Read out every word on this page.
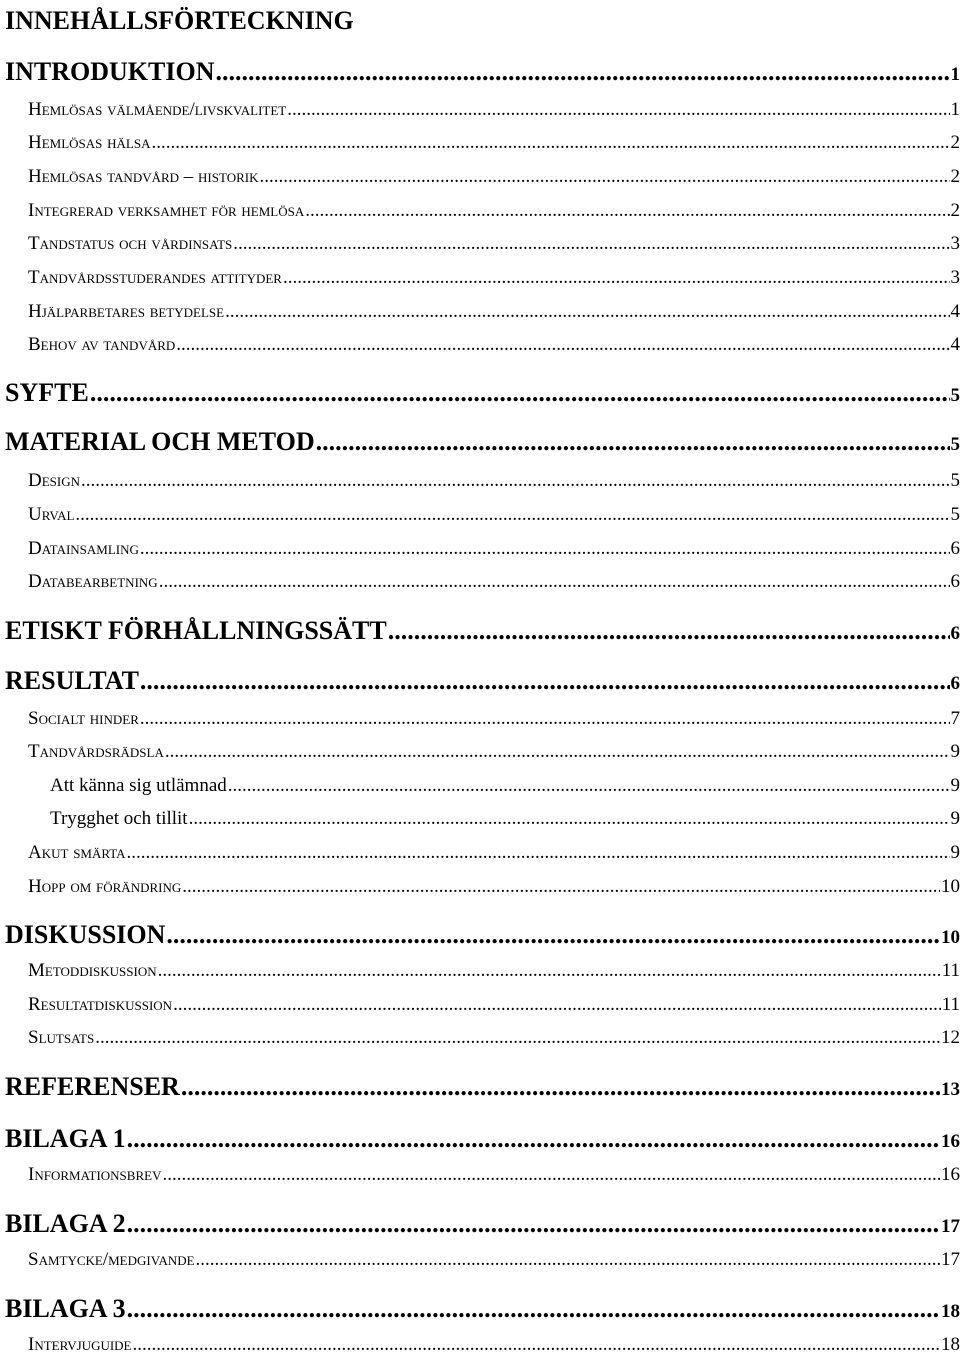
INNEHÅLLSFÖRTECKNING
INTRODUKTION .....	1
Hemlösas välmående/livskvalitet .....	1
Hemlösas hälsa .....	2
Hemlösas tandvård – historik .....	2
Integrerad verksamhet för hemlösa .....	2
Tandstatus och vårdinsats .....	3
Tandvårdsstuderandes attityder .....	3
Hjälparbetares betydelse .....	4
Behov av tandvård .....	4
SYFTE .....	5
MATERIAL OCH METOD .....	5
Design .....	5
Urval .....	5
Datainsamling .....	6
Databearbetning .....	6
ETISKT FÖRHÅLLNINGSSÄTT .....	6
RESULTAT .....	6
Socialt hinder .....	7
Tandvårdsrädsla .....	9
Att känna sig utlämnad .....	9
Trygghet och tillit .....	9
Akut smärta .....	9
Hopp om förändring .....	10
DISKUSSION .....	10
Metoddiskussion .....	11
Resultatdiskussion .....	11
Slutsats .....	12
REFERENSER .....	13
BILAGA 1 .....	16
Informationsbrev .....	16
BILAGA 2 .....	17
Samtycke/medgivande .....	17
BILAGA 3 .....	18
Intervjuguide .....	18
